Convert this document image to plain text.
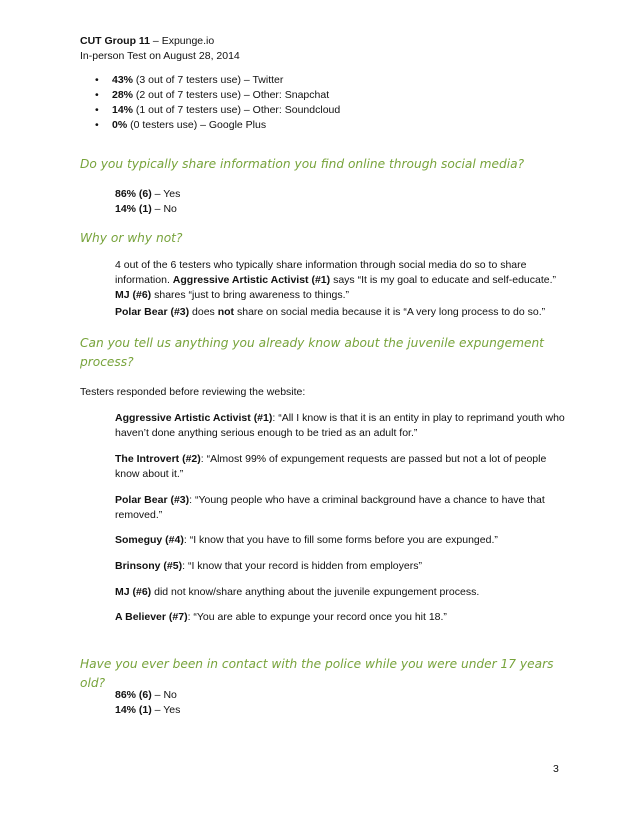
CUT Group 11 – Expunge.io
In-person Test on August 28, 2014
• 43% (3 out of 7 testers use) – Twitter
• 28% (2 out of 7 testers use) – Other: Snapchat
• 14% (1 out of 7 testers use) – Other: Soundcloud
• 0% (0 testers use) – Google Plus
Do you typically share information you find online through social media?
86% (6) – Yes
14% (1) – No
Why or why not?
4 out of the 6 testers who typically share information through social media do so to share information. Aggressive Artistic Activist (#1) says “It is my goal to educate and self-educate.” MJ (#6) shares “just to bring awareness to things.”
Polar Bear (#3) does not share on social media because it is “A very long process to do so.”
Can you tell us anything you already know about the juvenile expungement
process?
Testers responded before reviewing the website:
Aggressive Artistic Activist (#1): “All I know is that it is an entity in play to reprimand youth who haven’t done anything serious enough to be tried as an adult for.”
The Introvert (#2): “Almost 99% of expungement requests are passed but not a lot of people know about it.”
Polar Bear (#3): “Young people who have a criminal background have a chance to have that removed.”
Someguy (#4): “I know that you have to fill some forms before you are expunged.”
Brinsony (#5): “I know that your record is hidden from employers”
MJ (#6) did not know/share anything about the juvenile expungement process.
A Believer (#7): “You are able to expunge your record once you hit 18.”
Have you ever been in contact with the police while you were under 17 years old?
86% (6) – No
14% (1) – Yes
3
